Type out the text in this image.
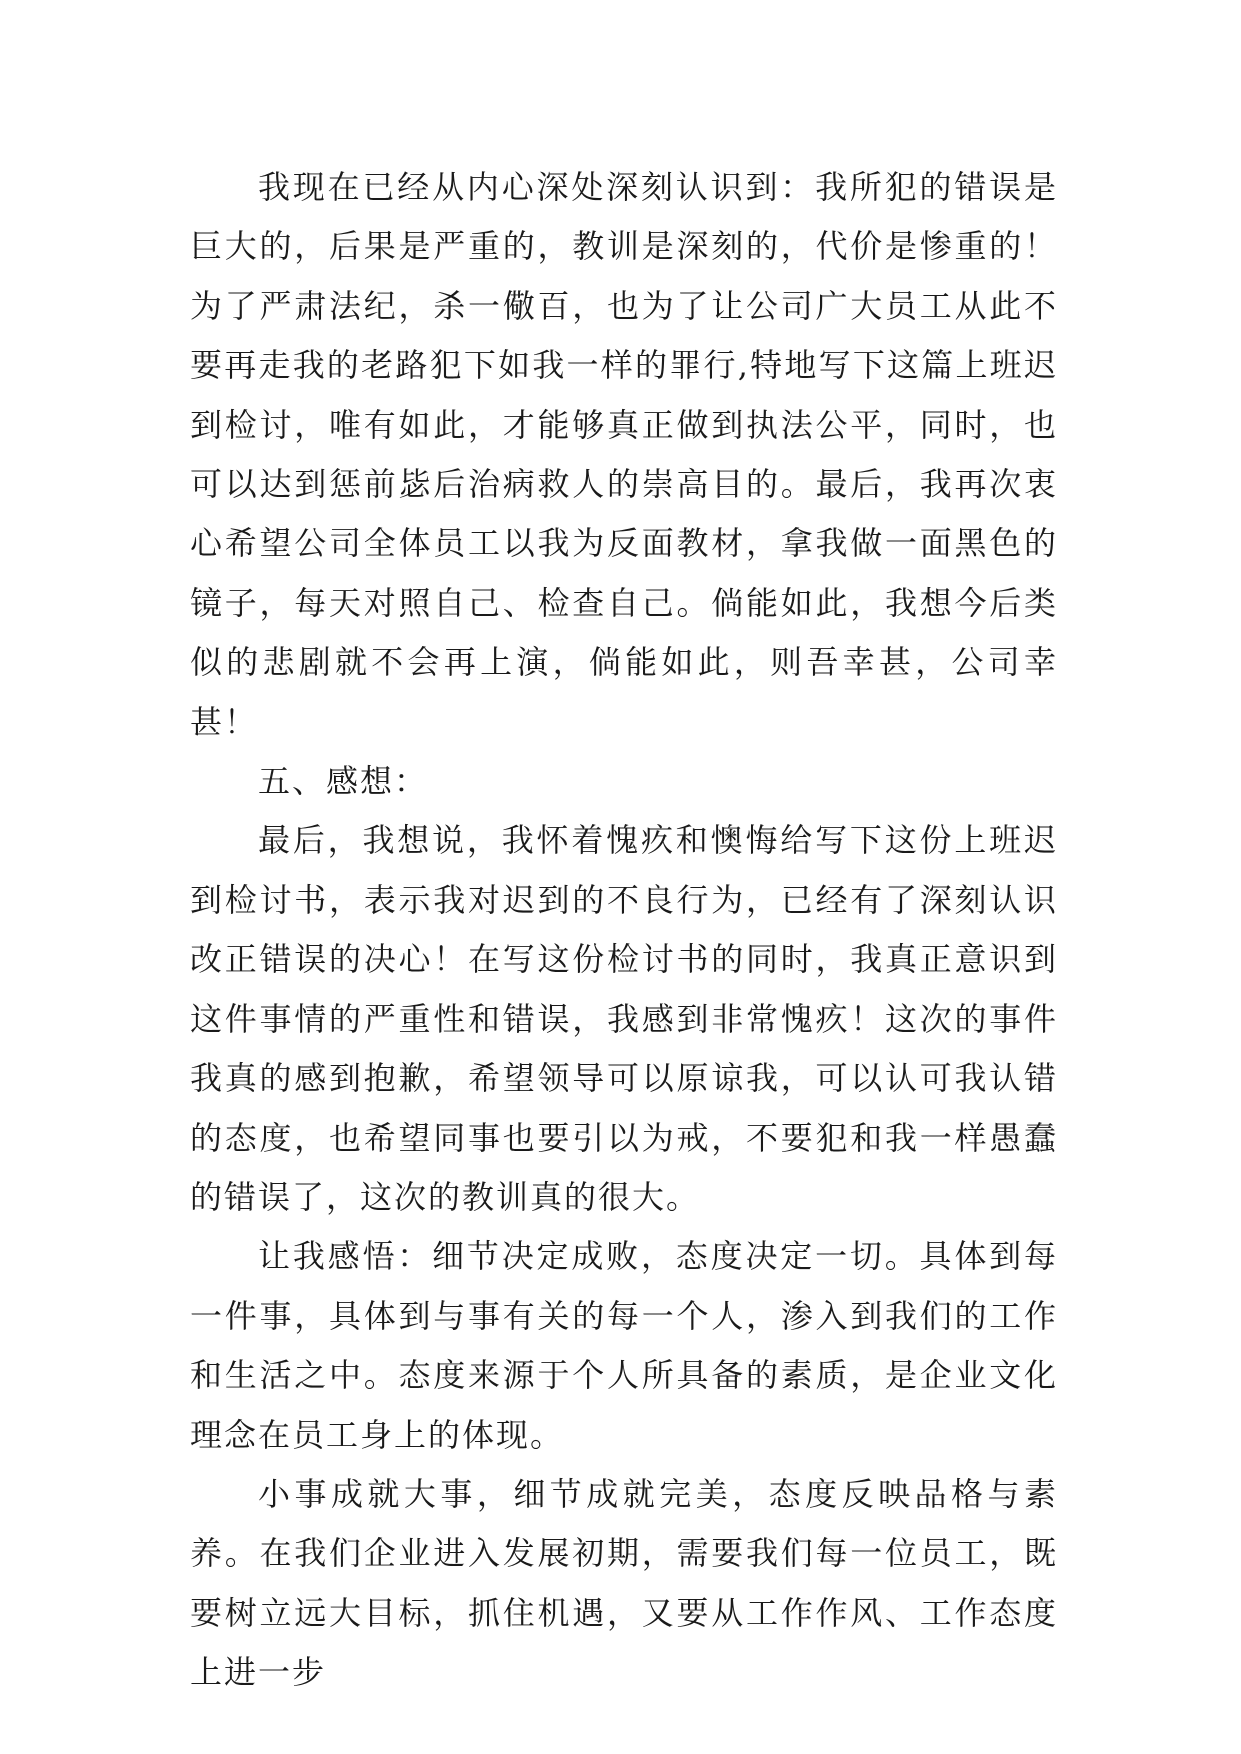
我现在已经从内心深处深刻认识到：我所犯的错误是巨大的，后果是严重的，教训是深刻的，代价是惨重的！为了严肃法纪，杀一儆百，也为了让公司广大员工从此不要再走我的老路犯下如我一样的罪行,特地写下这篇上班迟到检讨，唯有如此，才能够真正做到执法公平，同时，也可以达到惩前毖后治病救人的崇高目的。最后，我再次衷心希望公司全体员工以我为反面教材，拿我做一面黑色的镜子，每天对照自己、检查自己。倘能如此，我想今后类似的悲剧就不会再上演，倘能如此，则吾幸甚，公司幸甚！

五、感想：

最后，我想说，我怀着愧疚和懊悔给写下这份上班迟到检讨书，表示我对迟到的不良行为，已经有了深刻认识改正错误的决心！在写这份检讨书的同时，我真正意识到这件事情的严重性和错误，我感到非常愧疚！这次的事件我真的感到抱歉，希望领导可以原谅我，可以认可我认错的态度，也希望同事也要引以为戒，不要犯和我一样愚蠢的错误了，这次的教训真的很大。

让我感悟：细节决定成败，态度决定一切。具体到每一件事，具体到与事有关的每一个人，渗入到我们的工作和生活之中。态度来源于个人所具备的素质，是企业文化理念在员工身上的体现。

小事成就大事，细节成就完美，态度反映品格与素养。在我们企业进入发展初期，需要我们每一位员工，既要树立远大目标，抓住机遇，又要从工作作风、工作态度上进一步
